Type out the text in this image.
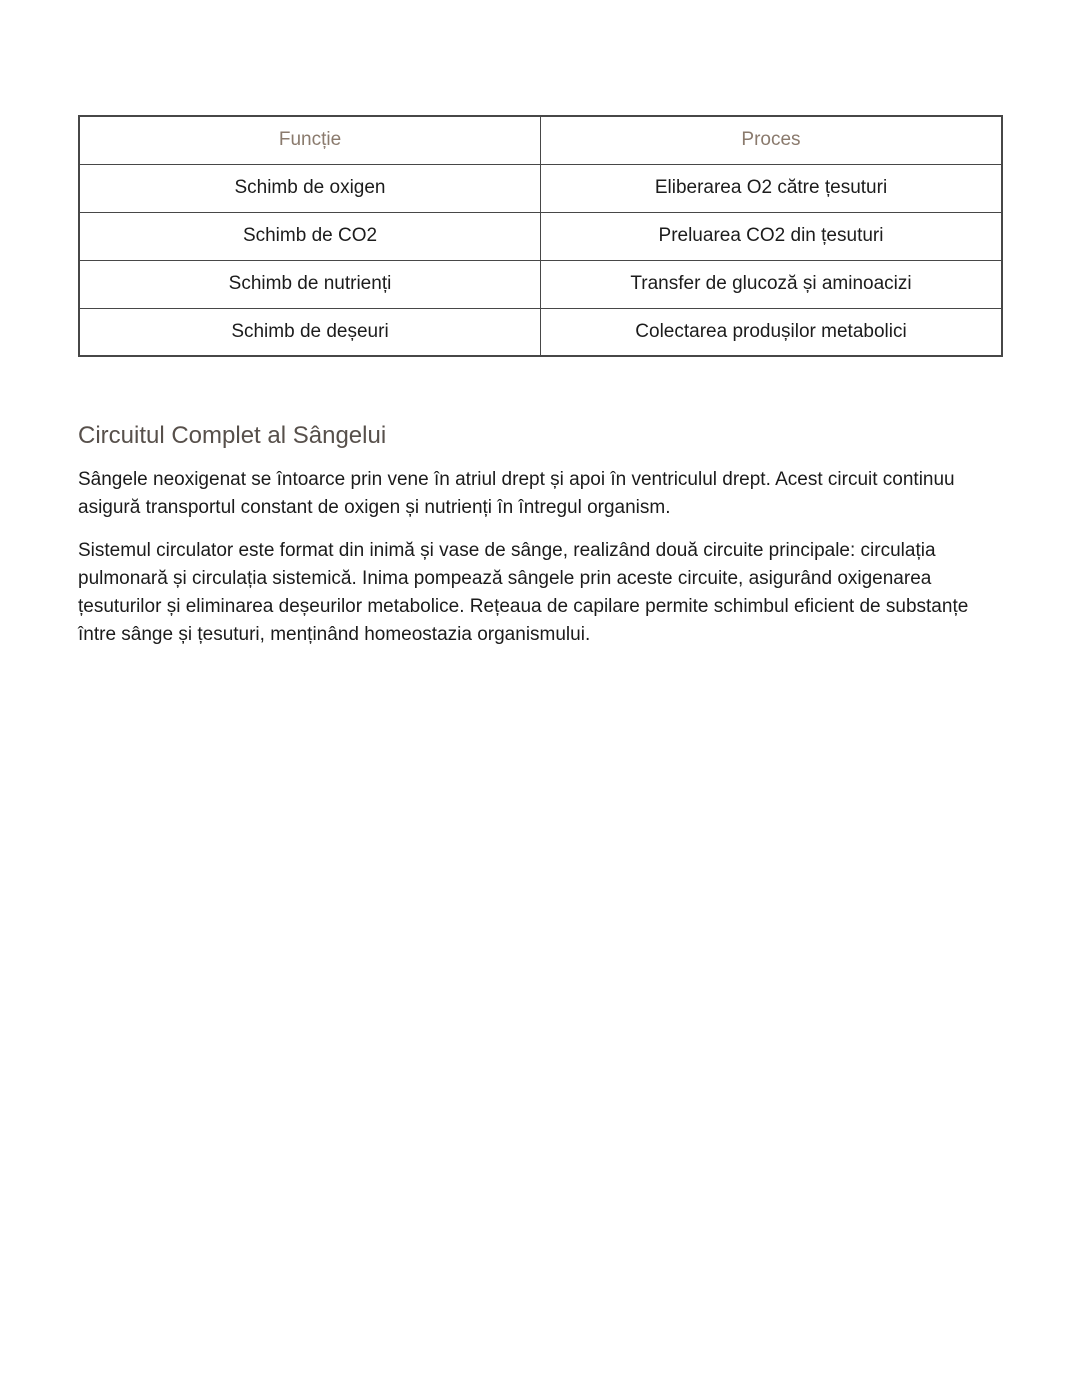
Funcție	Proces
Schimb de oxigen	Eliberarea O2 către țesuturi
Schimb de CO2	Preluarea CO2 din țesuturi
Schimb de nutrienți	Transfer de glucoză și aminoacizi
Schimb de deșeuri	Colectarea produșilor metabolici
Circuitul Complet al Sângelui

Sângele neoxigenat se întoarce prin vene în atriul drept și apoi în ventriculul drept. Acest circuit continuu asigură transportul constant de oxigen și nutrienți în întregul organism.

Sistemul circulator este format din inimă și vase de sânge, realizând două circuite principale: circulația pulmonară și circulația sistemică. Inima pompează sângele prin aceste circuite, asigurând oxigenarea țesuturilor și eliminarea deșeurilor metabolice. Rețeaua de capilare permite schimbul eficient de substanțe între sânge și țesuturi, menținând homeostazia organismului.
